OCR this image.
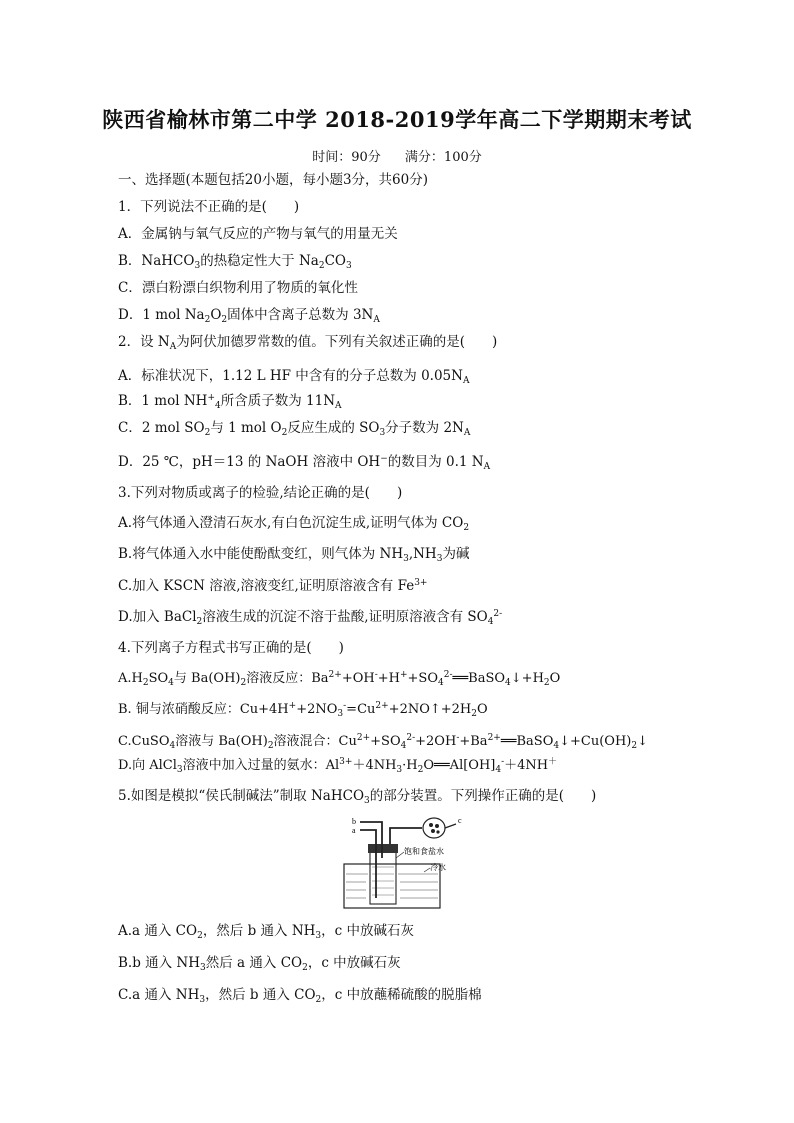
陕西省榆林市第二中学 2018-2019学年高二下学期期末考试
时间：90分 满分：100分
一、选择题(本题包括20小题，每小题3分，共60分)
1．下列说法不正确的是(　　)
A．金属钠与氧气反应的产物与氧气的用量无关
B．NaHCO$_3$的热稳定性大于 $Na_2CO_3$
C．漂白粉漂白织物利用了物质的氧化性
D．1 mol $Na_2O_2$固体中含离子总数为 $3N_A$
2．设 $N_A$为阿伏加德罗常数的值。下列有关叙述正确的是(　　)
A．标准状况下，1.12 L HF 中含有的分子总数为 $0.05N_A$
B．1 mol $NH^+_4$所含质子数为 $11N_A$
C．2 mol $SO_2$与 1 mol $O_2$反应生成的 $SO_3$分子数为 $2N_A$
D．25 ℃，pH＝13 的 NaOH 溶液中 OH−的数目为 0.1 $N_A$
3.下列对物质或离子的检验,结论正确的是(　　)
A.将气体通入澄清石灰水,有白色沉淀生成,证明气体为 $CO_2$
B.将气体通入水中能使酚酞变红，则气体为 $NH_3,NH_3$为碱
C.加入 KSCN 溶液,溶液变红,证明原溶液含有 $Fe^{3+}$
D.加入 BaCl$_2$溶液生成的沉淀不溶于盐酸,证明原溶液含有 $SO_4^{2-}$
4.下列离子方程式书写正确的是(　　)
$A.H_2SO_4$与 $Ba(OH)_2$溶液反应：$Ba^{2+}+OH^-+H^++SO_4^{2-}══BaSO_4↓+H_2O$
B. 铜与浓硝酸反应：$Cu+4H^++2NO_3^-=Cu^{2+}+2NO↑+2H_2O$
C.CuSO$_4$溶液与 $Ba(OH)_2$溶液混合：$Cu^{2+}+SO_4^{2-}+2OH^-+Ba^{2+}══BaSO_4↓+Cu(OH)_2↓$
D.向 AlCl$_3$溶液中加入过量的氨水：$Al^{3+}+4NH_3\cdot H_2O══Al[OH]_4^-+4NH^+$
5.如图是模拟“侯氏制碱法”制取 NaHCO$_3$的部分装置。下列操作正确的是(　　)
a
b	c
饱和食盐水
冷水
A.a 通入 $CO_2$，然后 b 通入 $NH_3$，c 中放碱石灰
B.b 通入 $NH_3$然后 a 通入 $CO_2$，c 中放碱石灰
C.a 通入 $NH_3$，然后 b 通入 $CO_2$，c 中放蘸稀硫酸的脱脂棉
